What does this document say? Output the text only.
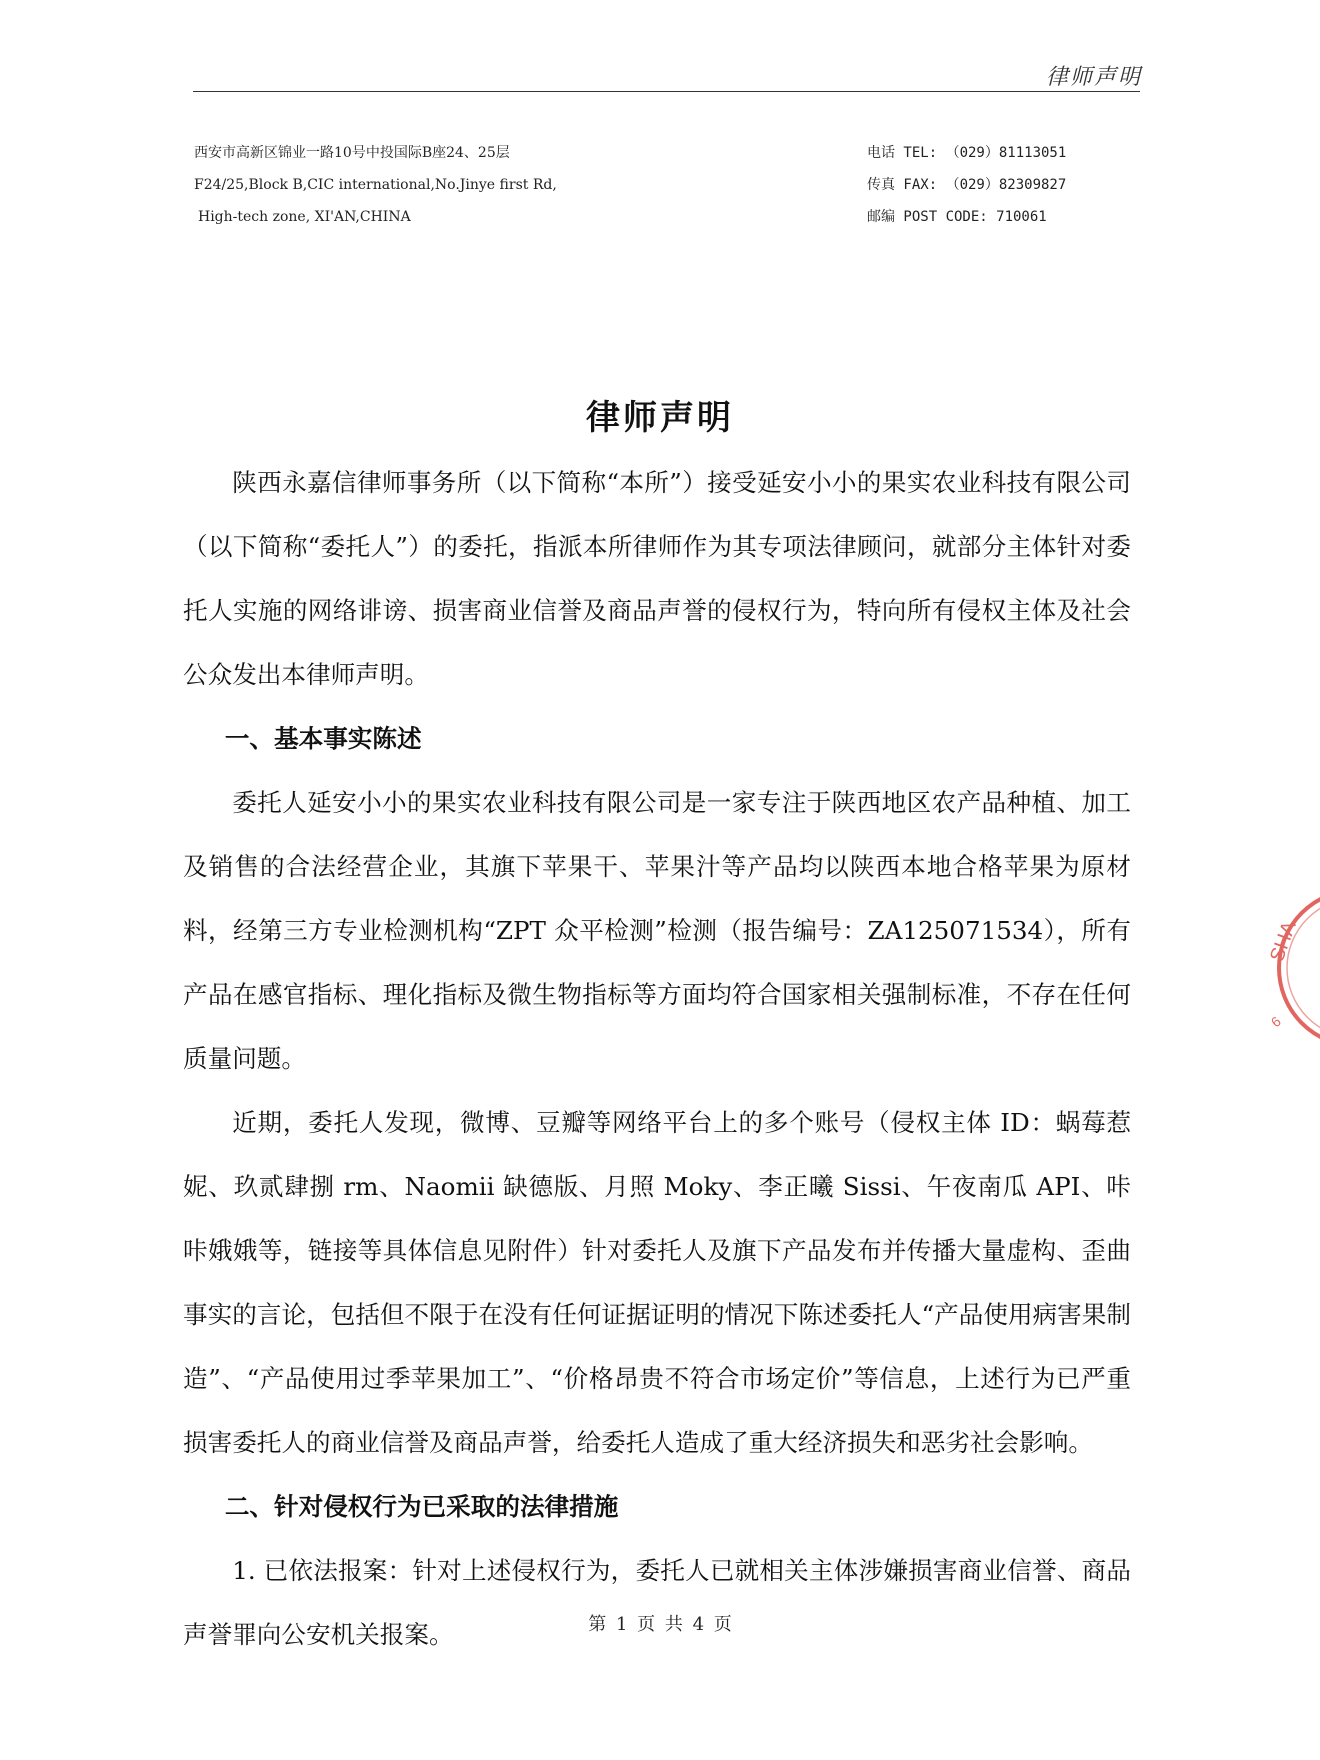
律师声明
西安市高新区锦业一路10号中投国际B座24、25层
F24/25,Block B,CIC international,No.Jinye first Rd,
High-tech zone, XI'AN,CHINA
电话 TEL: （029）81113051
传真 FAX: （029）82309827
邮编 POST CODE: 710061
律师声明

陕西永嘉信律师事务所（以下简称“本所”）接受延安小小的果实农业科技有限公司（以下简称“委托人”）的委托，指派本所律师作为其专项法律顾问，就部分主体针对委托人实施的网络诽谤、损害商业信誉及商品声誉的侵权行为，特向所有侵权主体及社会公众发出本律师声明。

一、基本事实陈述

委托人延安小小的果实农业科技有限公司是一家专注于陕西地区农产品种植、加工及销售的合法经营企业，其旗下苹果干、苹果汁等产品均以陕西本地合格苹果为原材料，经第三方专业检测机构“ZPT 众平检测”检测（报告编号：ZA125071534），所有产品在感官指标、理化指标及微生物指标等方面均符合国家相关强制标准，不存在任何质量问题。

近期，委托人发现，微博、豆瓣等网络平台上的多个账号（侵权主体 ID：蜗莓惹妮、玖贰肆捌 rm、Naomii 缺德版、月照 Moky、李正曦 Sissi、午夜南瓜 API、咔咔娥娥等，链接等具体信息见附件）针对委托人及旗下产品发布并传播大量虚构、歪曲事实的言论，包括但不限于在没有任何证据证明的情况下陈述委托人“产品使用病害果制造”、“产品使用过季苹果加工”、“价格昂贵不符合市场定价”等信息，上述行为已严重损害委托人的商业信誉及商品声誉，给委托人造成了重大经济损失和恶劣社会影响。

二、针对侵权行为已采取的法律措施

1. 已依法报案：针对上述侵权行为，委托人已就相关主体涉嫌损害商业信誉、商品声誉罪向公安机关报案。	第 1 页 共 4 页
SHA
6
